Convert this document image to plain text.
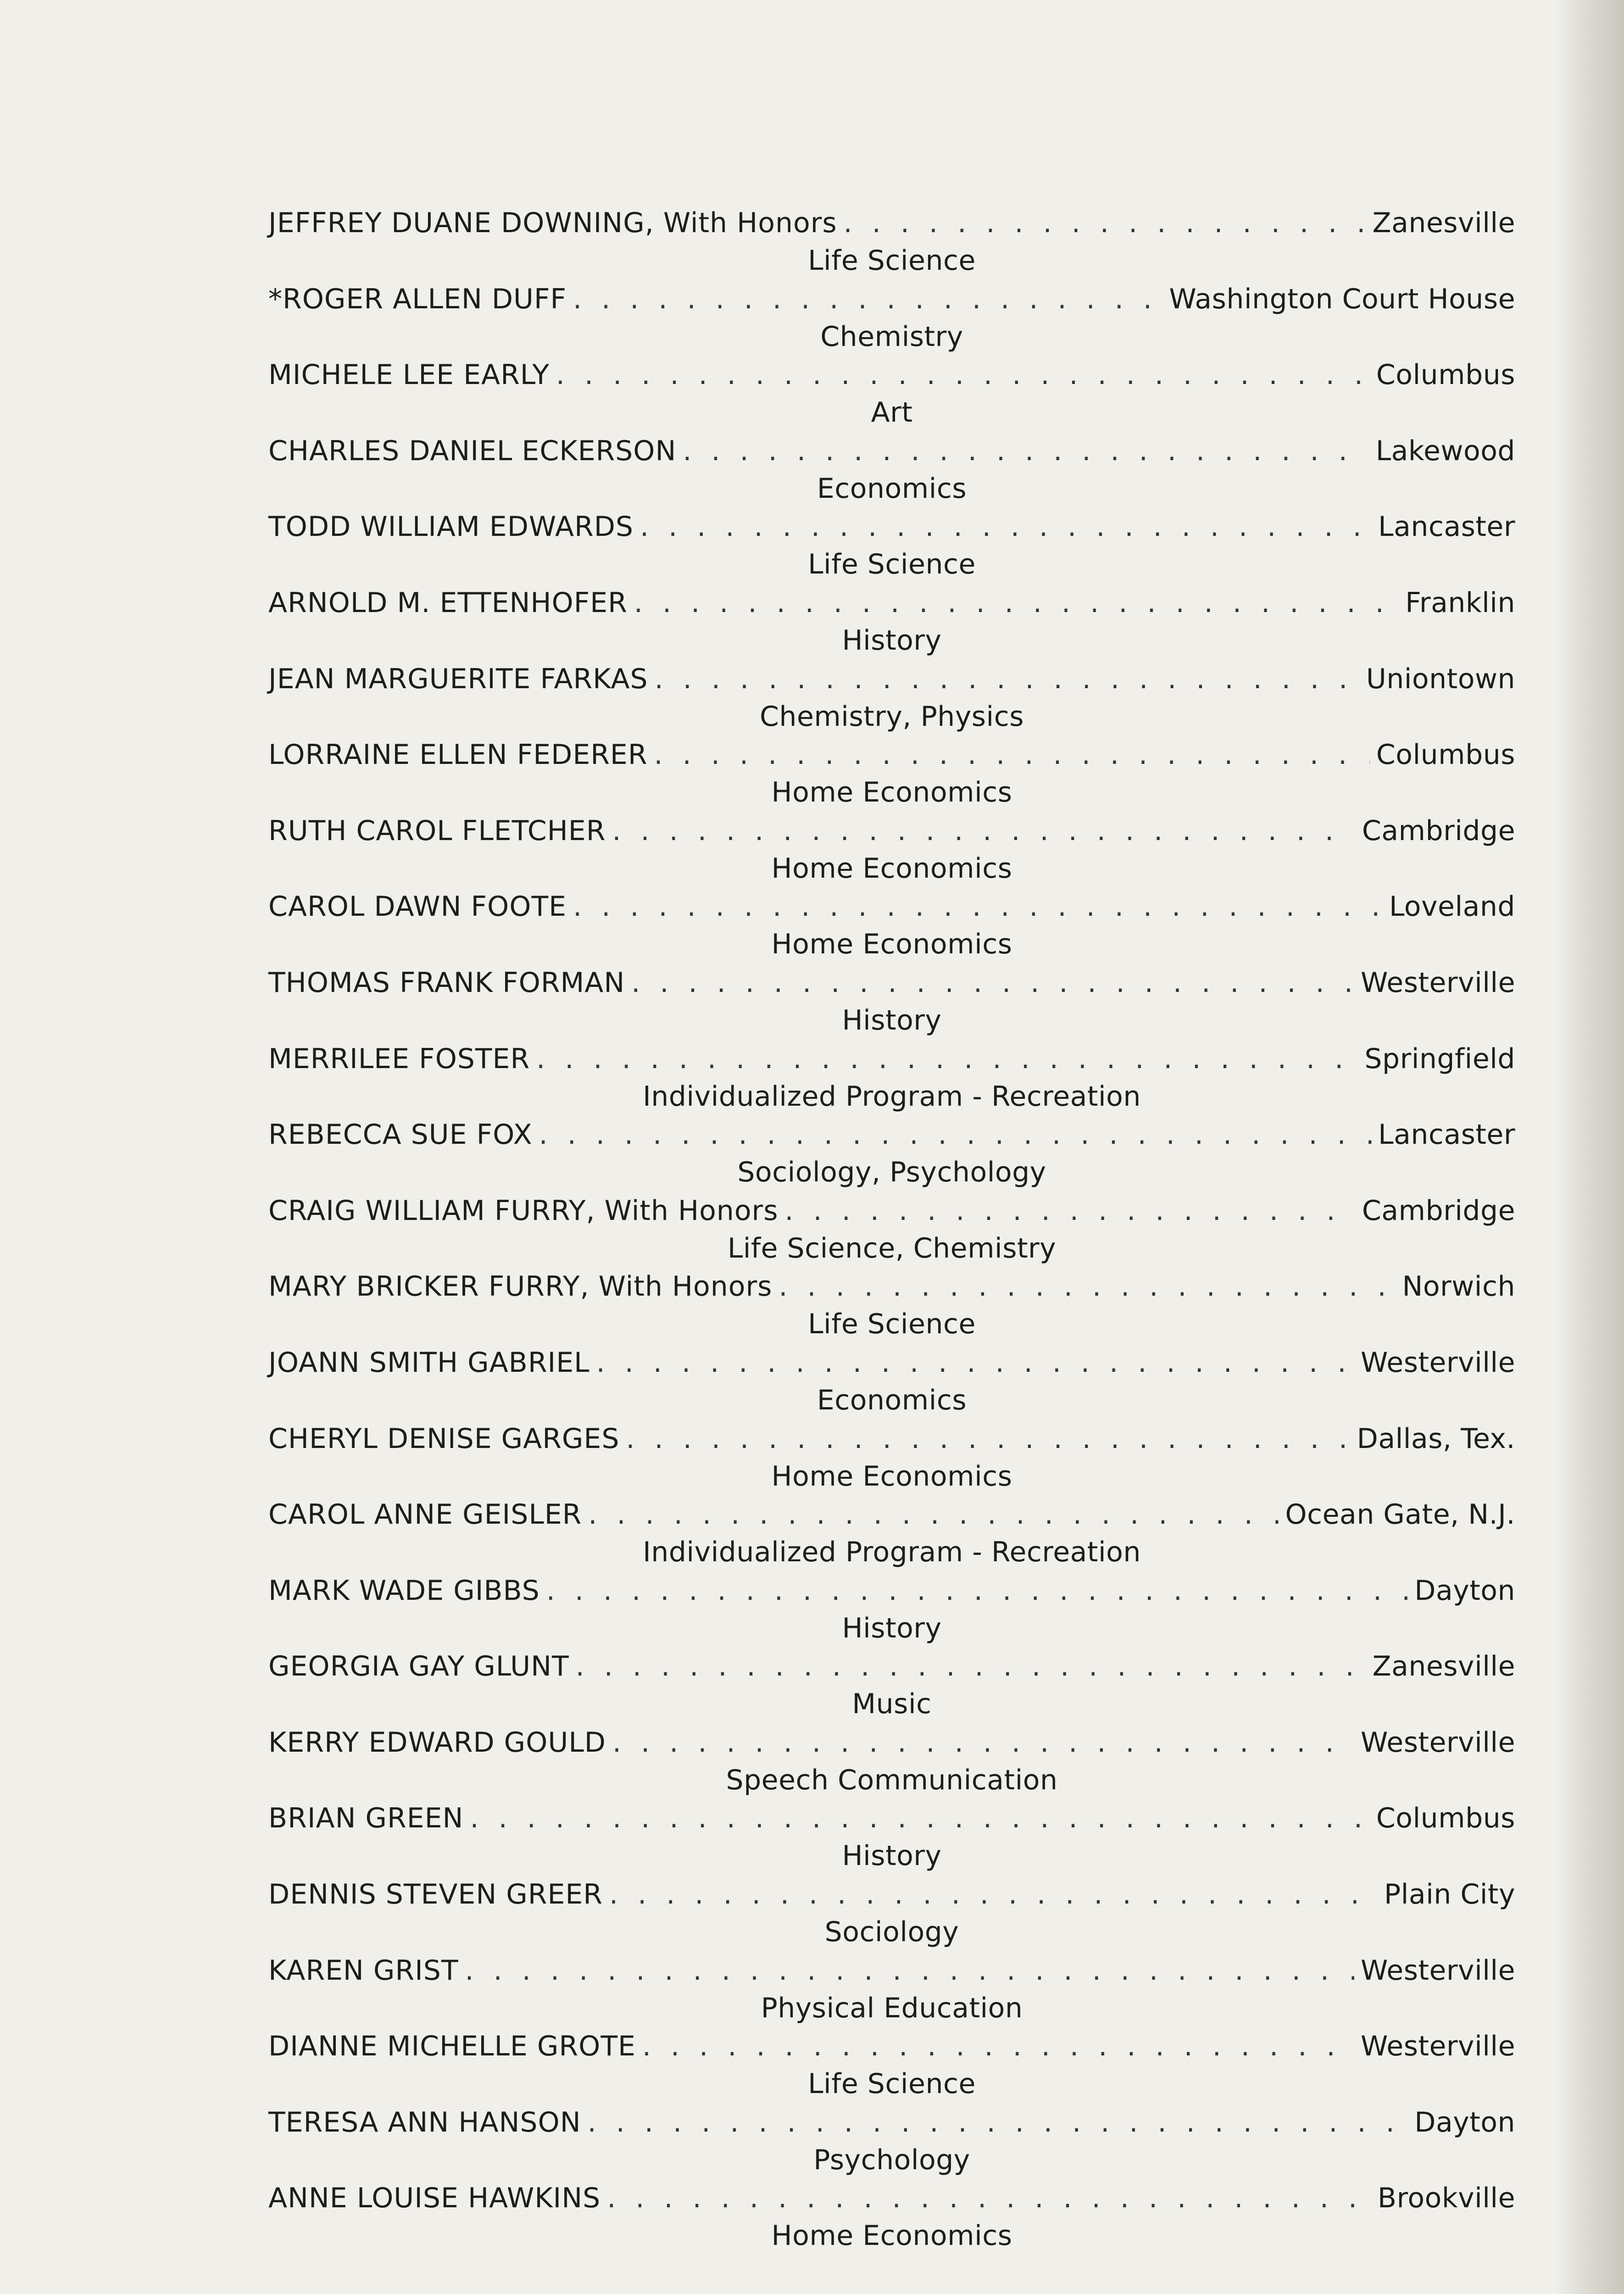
JEFFREY DUANE DOWNING, With Honors . . .	Zanesville
Life Science
*ROGER ALLEN DUFF . . .	Washington Court House
Chemistry
MICHELE LEE EARLY . . .	Columbus
Art
CHARLES DANIEL ECKERSON . . .	Lakewood
Economics
TODD WILLIAM EDWARDS . . .	Lancaster
Life Science
ARNOLD M. ETTENHOFER . . .	Franklin
History
JEAN MARGUERITE FARKAS . . .	Uniontown
Chemistry, Physics
LORRAINE ELLEN FEDERER . . .	Columbus
Home Economics
RUTH CAROL FLETCHER . . .	Cambridge
Home Economics
CAROL DAWN FOOTE . . .	Loveland
Home Economics
THOMAS FRANK FORMAN . . .	Westerville
History
MERRILEE FOSTER . . .	Springfield
Individualized Program - Recreation
REBECCA SUE FOX . . .	Lancaster
Sociology, Psychology
CRAIG WILLIAM FURRY, With Honors . . .	Cambridge
Life Science, Chemistry
MARY BRICKER FURRY, With Honors . . .	Norwich
Life Science
JOANN SMITH GABRIEL . . .	Westerville
Economics
CHERYL DENISE GARGES . . .	Dallas, Tex.
Home Economics
CAROL ANNE GEISLER . . .	Ocean Gate, N.J.
Individualized Program - Recreation
MARK WADE GIBBS . . .	Dayton
History
GEORGIA GAY GLUNT . . .	Zanesville
Music
KERRY EDWARD GOULD . . .	Westerville
Speech Communication
BRIAN GREEN . . .	Columbus
History
DENNIS STEVEN GREER . . .	Plain City
Sociology
KAREN GRIST . . .	Westerville
Physical Education
DIANNE MICHELLE GROTE . . .	Westerville
Life Science
TERESA ANN HANSON . . .	Dayton
Psychology
ANNE LOUISE HAWKINS . . .	Brookville
Home Economics
